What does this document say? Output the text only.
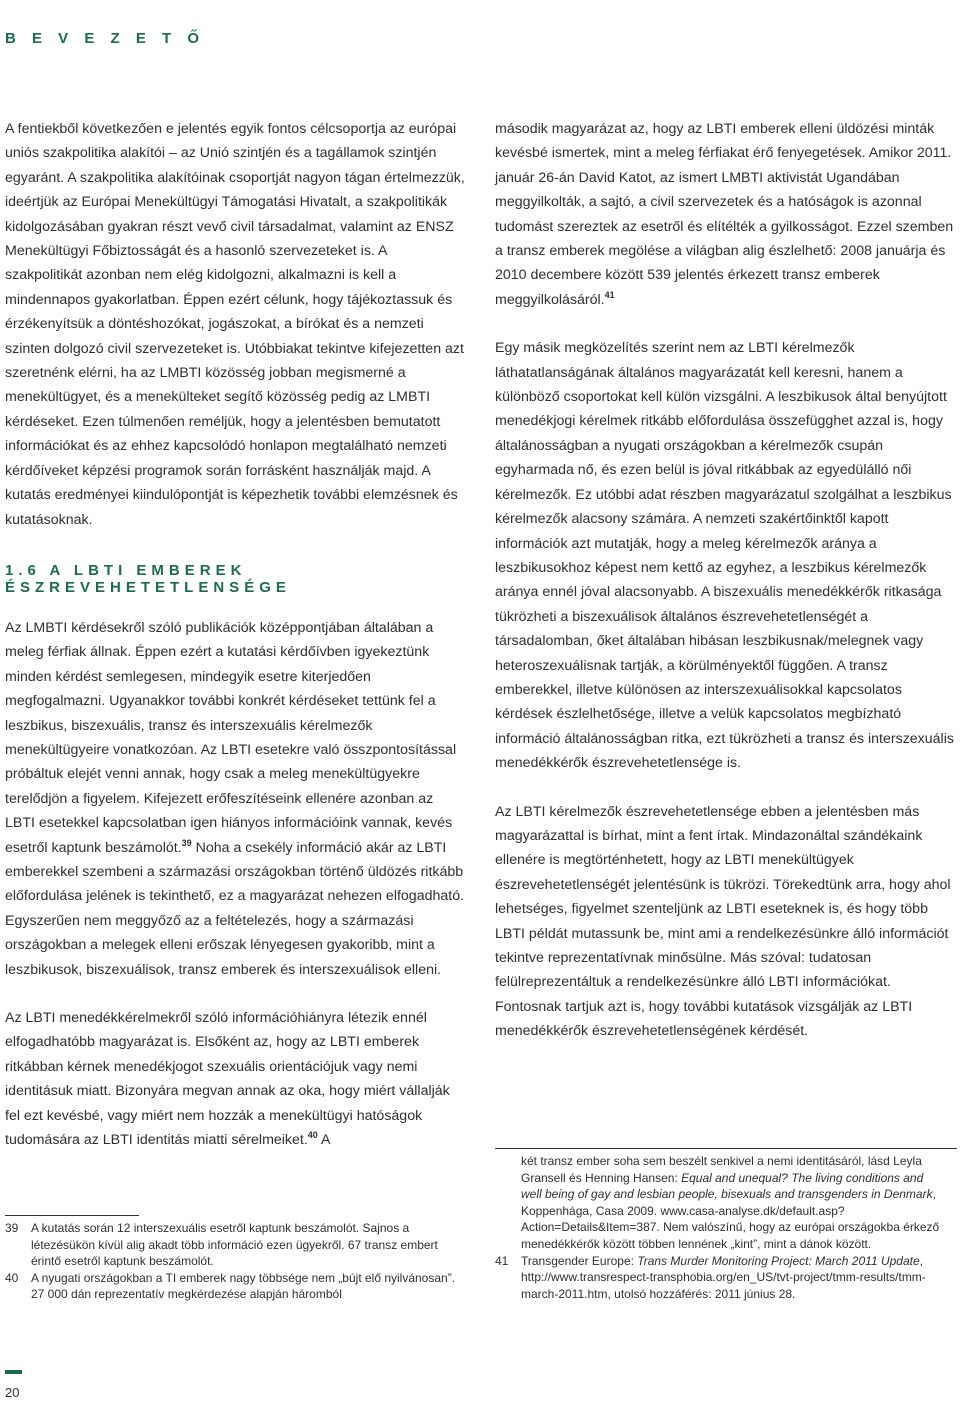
B E V E Z E T Ő

A fentiekből következően e jelentés egyik fontos célcsoportja az európai uniós szakpolitika alakítói – az Unió szintjén és a tagállamok szintjén egyaránt. A szakpolitika alakítóinak csoportját nagyon tágan értelmezzük, ideértjük az Európai Menekültügyi Támogatási Hivatalt, a szakpolitikák kidolgozásában gyakran részt vevő civil társadalmat, valamint az ENSZ Menekültügyi Főbiztosságát és a hasonló szervezeteket is. A szakpolitikát azonban nem elég kidolgozni, alkalmazni is kell a mindennapos gyakorlatban. Éppen ezért célunk, hogy tájékoztassuk és érzékenyítsük a döntéshozókat, jogászokat, a bírókat és a nemzeti szinten dolgozó civil szervezeteket is. Utóbbiakat tekintve kifejezetten azt szeretnénk elérni, ha az LMBTI közösség jobban megismerné a menekültügyet, és a menekülteket segítő közösség pedig az LMBTI kérdéseket. Ezen túlmenően reméljük, hogy a jelentésben bemutatott információkat és az ehhez kapcsolódó honlapon megtalálható nemzeti kérdőíveket képzési programok során forrásként használják majd. A kutatás eredményei kiindulópontját is képezhetik további elemzésnek és kutatásoknak.

1.6 A LBTI EMBEREK ÉSZREVEHETETLENSÉGE

Az LMBTI kérdésekről szóló publikációk középpontjában általában a meleg férfiak állnak. Éppen ezért a kutatási kérdőívben igyekeztünk minden kérdést semlegesen, mindegyik esetre kiterjedően megfogalmazni. Ugyanakkor további konkrét kérdéseket tettünk fel a leszbikus, biszexuális, transz és interszexuális kérelmezők menekültügyeire vonatkozóan. Az LBTI esetekre való összpontosítással próbáltuk elejét venni annak, hogy csak a meleg menekültügyekre terelődjön a figyelem. Kifejezett erőfeszítéseink ellenére azonban az LBTI esetekkel kapcsolatban igen hiányos információink vannak, kevés esetről kaptunk beszámolót.$^{39}$ Noha a csekély információ akár az LBTI emberekkel szembeni a származási országokban történő üldözés ritkább előfordulása jelének is tekinthető, ez a magyarázat nehezen elfogadható. Egyszerűen nem meggyőző az a feltételezés, hogy a származási országokban a melegek elleni erőszak lényegesen gyakoribb, mint a leszbikusok, biszexuálisok, transz emberek és interszexuálisok elleni.

Az LBTI menedékkérelmekről szóló információhiányra létezik ennél elfogadhatóbb magyarázat is. Elsőként az, hogy az LBTI emberek ritkábban kérnek menedékjogot szexuális orientációjuk vagy nemi identitásuk miatt. Bizonyára megvan annak az oka, hogy miért vállalják fel ezt kevésbé, vagy miért nem hozzák a menekültügyi hatóságok tudomására az LBTI identitás miatti sérelmeiket.$^{40}$ A

második magyarázat az, hogy az LBTI emberek elleni üldözési minták kevésbé ismertek, mint a meleg férfiakat érő fenyegetések. Amikor 2011. január 26-án David Katot, az ismert LMBTI aktivistát Ugandában meggyilkolták, a sajtó, a civil szervezetek és a hatóságok is azonnal tudomást szereztek az esetről és elítélték a gyilkosságot. Ezzel szemben a transz emberek megölése a világban alig észlelhető: 2008 januárja és 2010 decembere között 539 jelentés érkezett transz emberek meggyilkolásáról.$^{41}$

Egy másik megközelítés szerint nem az LBTI kérelmezők láthatatlanságának általános magyarázatát kell keresni, hanem a különböző csoportokat kell külön vizsgálni. A leszbikusok által benyújtott menedékjogi kérelmek ritkább előfordulása összefügghet azzal is, hogy általánosságban a nyugati országokban a kérelmezők csupán egyharmada nő, és ezen belül is jóval ritkábbak az egyedülálló női kérelmezők. Ez utóbbi adat részben magyarázatul szolgálhat a leszbikus kérelmezők alacsony számára. A nemzeti szakértőinktől kapott információk azt mutatják, hogy a meleg kérelmezők aránya a leszbikusokhoz képest nem kettő az egyhez, a leszbikus kérelmezők aránya ennél jóval alacsonyabb. A biszexuális menedékkérők ritkasága tükrözheti a biszexuálisok általános észrevehetetlenségét a társadalomban, őket általában hibásan leszbikusnak/melegnek vagy heteroszexuálisnak tartják, a körülményektől függően. A transz emberekkel, illetve különösen az interszexuálisokkal kapcsolatos kérdések észlelhetősége, illetve a velük kapcsolatos megbízható információ általánosságban ritka, ezt tükrözheti a transz és interszexuális menedékkérők észrevehetetlensége is.

Az LBTI kérelmezők észrevehetetlensége ebben a jelentésben más magyarázattal is bírhat, mint a fent írtak. Mindazonáltal szándékaink ellenére is megtörténhetett, hogy az LBTI menekültügyek észrevehetetlenségét jelentésünk is tükrözi. Törekedtünk arra, hogy ahol lehetséges, figyelmet szenteljünk az LBTI eseteknek is, és hogy több LBTI példát mutassunk be, mint ami a rendelkezésünkre álló információt tekintve reprezentatívnak minősülne. Más szóval: tudatosan felülreprezentáltuk a rendelkezésünkre álló LBTI információkat. Fontosnak tartjuk azt is, hogy további kutatások vizsgálják az LBTI menedékkérők észrevehetetlenségének kérdését.

39	A kutatás során 12 interszexuális esetről kaptunk beszámolót. Sajnos a létezésükön kívül alig akadt több információ ezen ügyekről. 67 transz embert érintő esetről kaptunk beszámolót.
40	A nyugati országokban a TI emberek nagy többsége nem „bújt elő nyilvánosan”. 27 000 dán reprezentatív megkérdezése alapján háromból
két transz ember soha sem beszélt senkivel a nemi identitásáról, lásd Leyla Gransell és Henning Hansen: Equal and unequal? The living conditions and well being of gay and lesbian people, bisexuals and transgenders in Denmark, Koppenhága, Casa 2009. www.casa-analyse.dk/default.asp?Action=Details&Item=387. Nem valószínű, hogy az európai országokba érkező menedékkérők között többen lennének „kint”, mint a dánok között.
41	Transgender Europe: Trans Murder Monitoring Project: March 2011 Update, http://www.transrespect-transphobia.org/en_US/tvt-project/tmm-results/tmm-march-2011.htm, utolsó hozzáférés: 2011 június 28.
20
